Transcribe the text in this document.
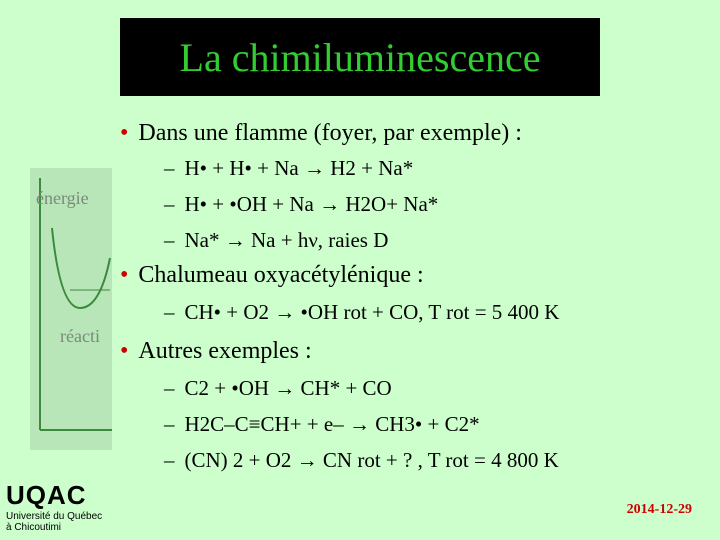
énergie
réacti
La chimiluminescence
• Dans une flamme (foyer, par exemple) :
– H• + H• + Na → H2 + Na*
– H• + •OH + Na → H2O+ Na*
– Na* → Na + hν, raies D
• Chalumeau oxyacétylénique :
– CH• + O2 → •OH rot + CO, T rot = 5 400 K
• Autres exemples :
– C2 + •OH → CH* + CO
– H2C–C≡CH+ + e– → CH3• + C2*
– (CN) 2 + O2 → CN rot + ? , T rot = 4 800 K
UQAC
Université du Québec
à Chicoutimi
2014-12-29
